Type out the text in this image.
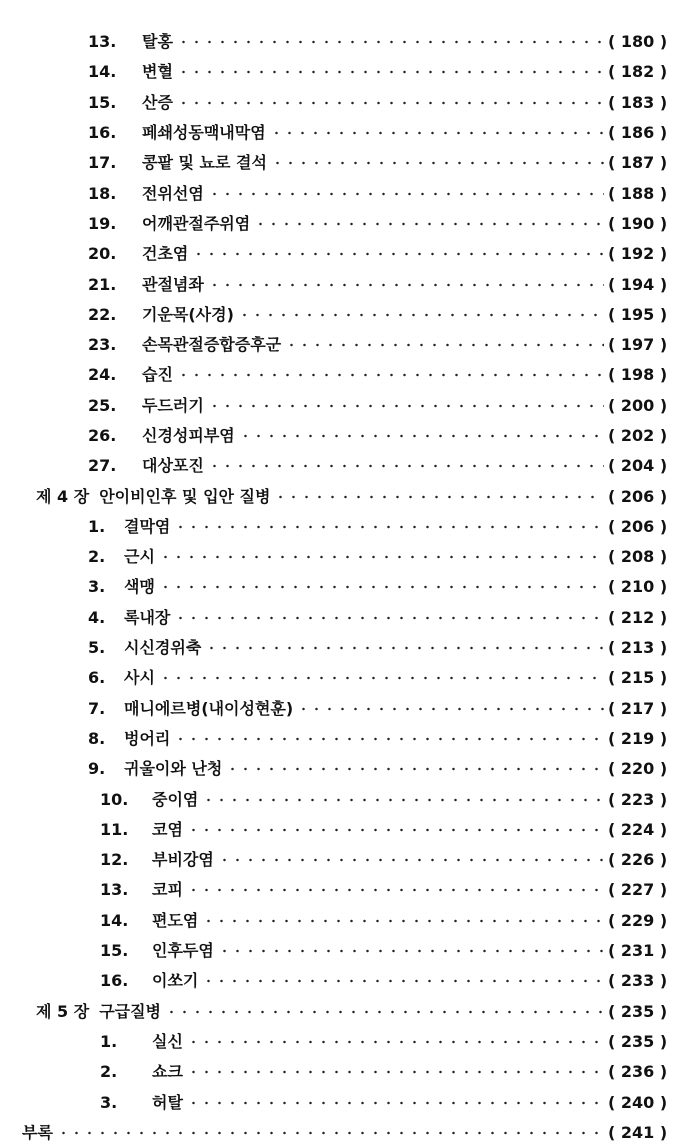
13.	탈홍	( 180 )
14.	변혈	( 182 )
15.	산증	( 183 )
16.	페쇄성동맥내막염	( 186 )
17.	콩팥 및 뇨로 결석	( 187 )
18.	전위선염	( 188 )
19.	어깨관절주위염	( 190 )
20.	건초염	( 192 )
21.	관절념좌	( 194 )
22.	기운목(사경)	( 195 )
23.	손목관절증합증후군	( 197 )
24.	습진	( 198 )
25.	두드러기	( 200 )
26.	신경성피부염	( 202 )
27.	대상포진	( 204 )
제 4 장 안이비인후 및 입안 질병	( 206 )
1.	결막염	( 206 )
2.	근시	( 208 )
3.	색맹	( 210 )
4.	록내장	( 212 )
5.	시신경위축	( 213 )
6.	사시	( 215 )
7.	매니에르병(내이성현훈)	( 217 )
8.	벙어리	( 219 )
9.	귀울이와 난청	( 220 )
10.	중이염	( 223 )
11.	코염	( 224 )
12.	부비강염	( 226 )
13.	코피	( 227 )
14.	편도염	( 229 )
15.	인후두염	( 231 )
16.	이쏘기	( 233 )
제 5 장 구급질병	( 235 )
1.	실신	( 235 )
2.	쇼크	( 236 )
3.	허탈	( 240 )
부록	( 241 )
